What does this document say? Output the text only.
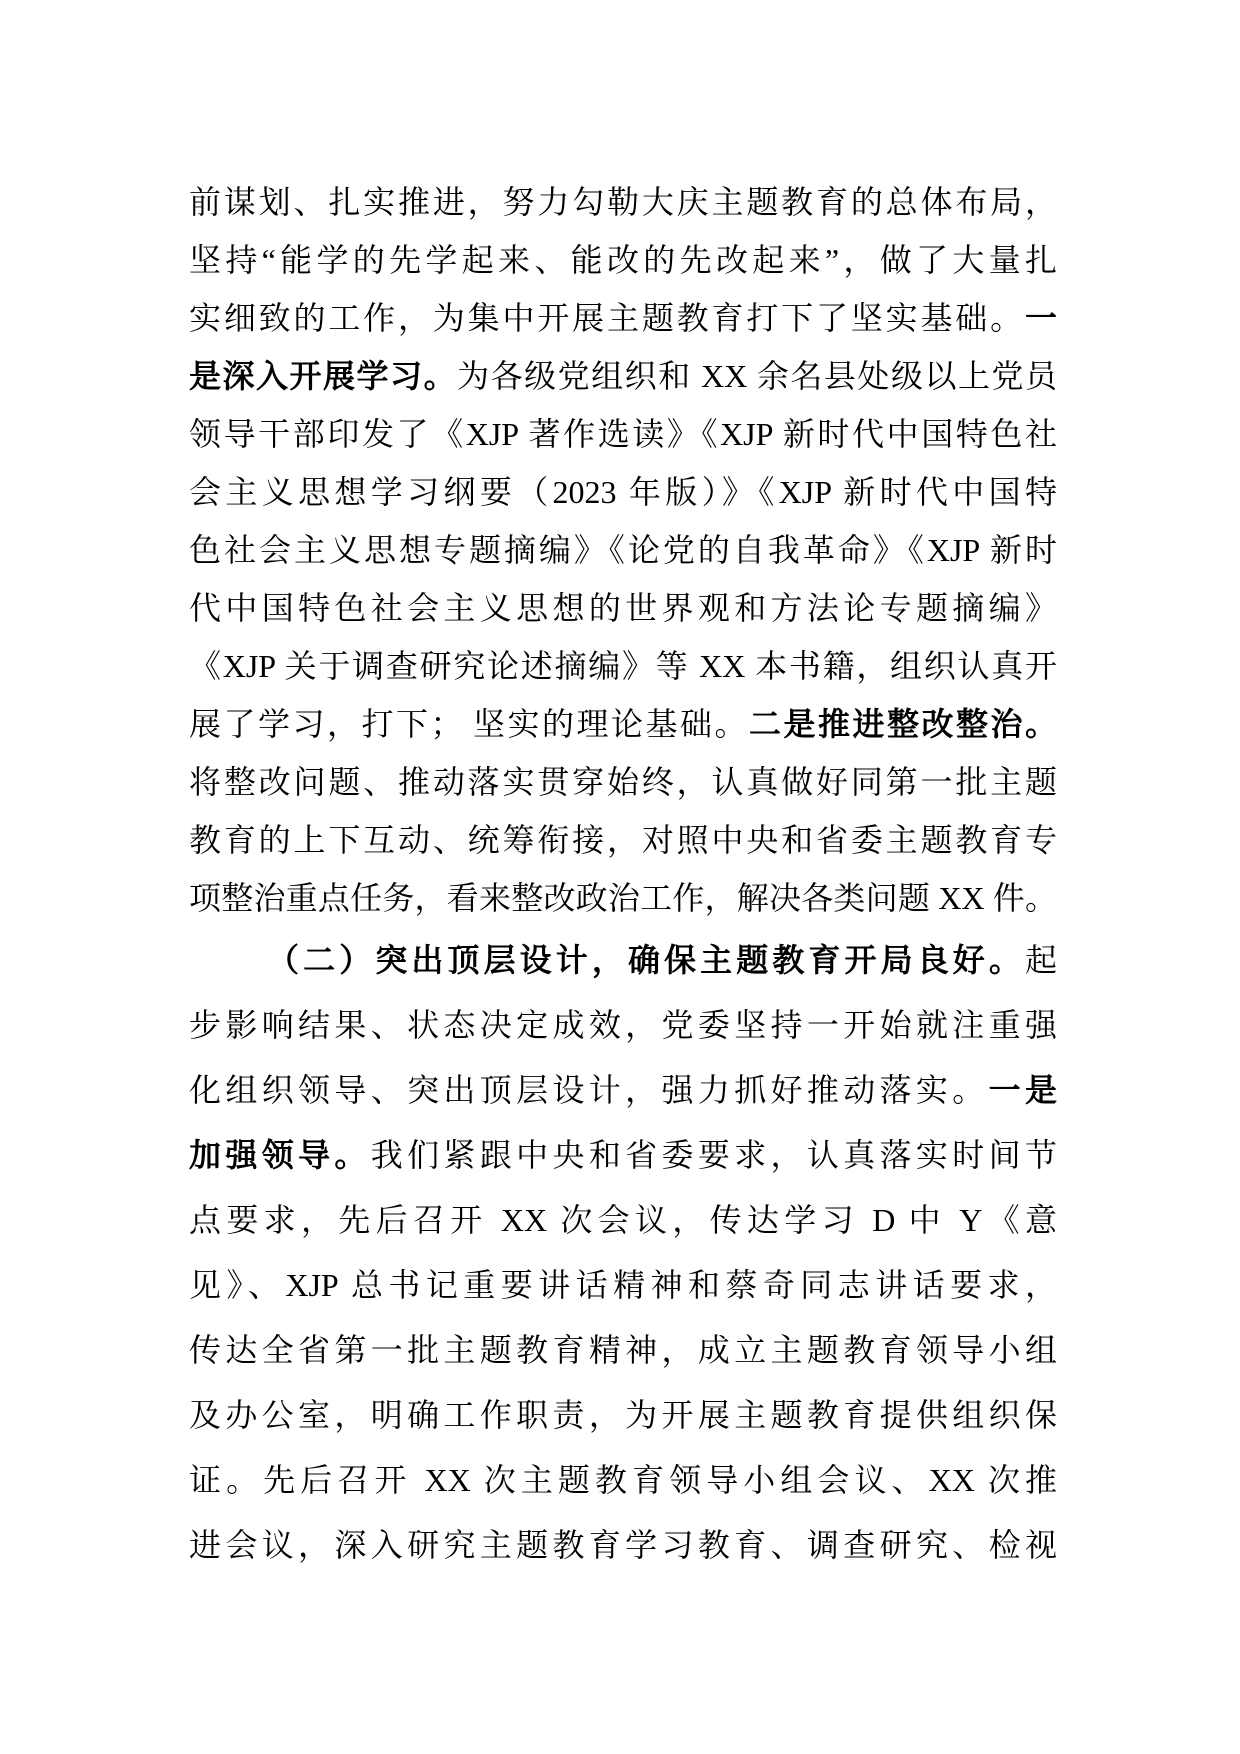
前谋划、扎实推进，努力勾勒大庆主题教育的总体布局，
坚持“能学的先学起来、能改的先改起来”，做了大量扎
实细致的工作，为集中开展主题教育打下了坚实基础。一
是深入开展学习。为各级党组织和 XX 余名县处级以上党员
领导干部印发了《XJP 著作选读》《XJP 新时代中国特色社
会主义思想学习纲要（2023 年版）》《XJP 新时代中国特
色社会主义思想专题摘编》《论党的自我革命》《XJP 新时
代中国特色社会主义思想的世界观和方法论专题摘编》
《XJP 关于调查研究论述摘编》等 XX 本书籍，组织认真开
展了学习，打下； 坚实的理论基础。二是推进整改整治。
将整改问题、推动落实贯穿始终，认真做好同第一批主题
教育的上下互动、统筹衔接，对照中央和省委主题教育专
项整治重点任务，看来整改政治工作，解决各类问题 XX 件。
（二）突出顶层设计，确保主题教育开局良好。起
步影响结果、状态决定成效，党委坚持一开始就注重强
化组织领导、突出顶层设计，强力抓好推动落实。一是
加强领导。我们紧跟中央和省委要求，认真落实时间节
点要求，先后召开 XX 次会议，传达学习 D 中 Y《意
见》、XJP 总书记重要讲话精神和蔡奇同志讲话要求，
传达全省第一批主题教育精神，成立主题教育领导小组
及办公室，明确工作职责，为开展主题教育提供组织保
证。先后召开 XX 次主题教育领导小组会议、XX 次推
进会议，深入研究主题教育学习教育、调查研究、检视
